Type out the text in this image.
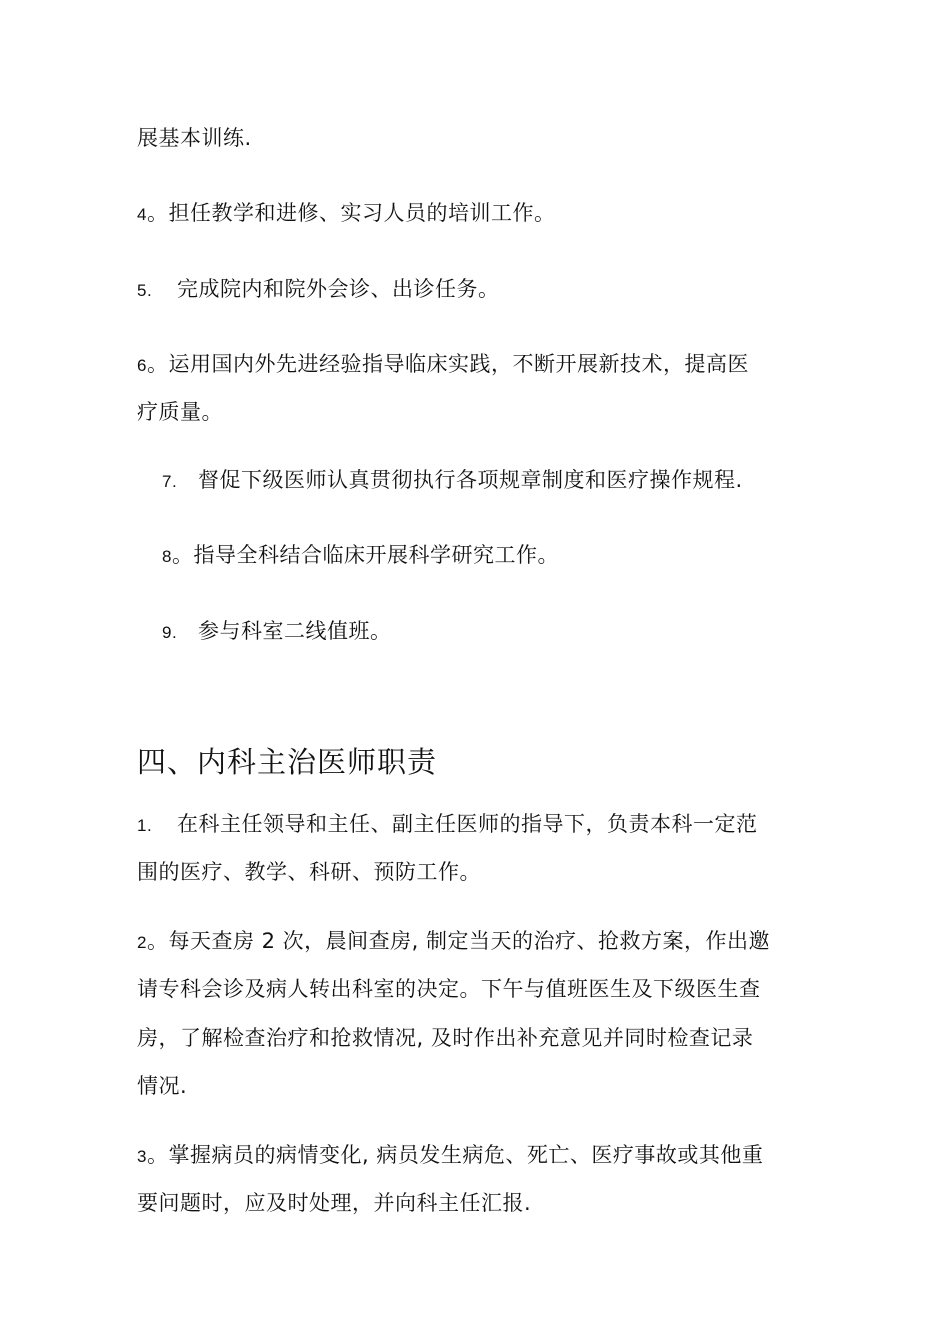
展基本训练.
4。担任教学和进修、实习人员的培训工作。
5. 完成院内和院外会诊、出诊任务。
6。运用国内外先进经验指导临床实践，不断开展新技术，提高医
疗质量。
7. 督促下级医师认真贯彻执行各项规章制度和医疗操作规程.
8。指导全科结合临床开展科学研究工作。
9. 参与科室二线值班。
四、内科主治医师职责
1. 在科主任领导和主任、副主任医师的指导下，负责本科一定范
围的医疗、教学、科研、预防工作。
2。每天查房 2 次，晨间查房, 制定当天的治疗、抢救方案，作出邀
请专科会诊及病人转出科室的决定。下午与值班医生及下级医生查
房，了解检查治疗和抢救情况, 及时作出补充意见并同时检查记录
情况.
3。掌握病员的病情变化, 病员发生病危、死亡、医疗事故或其他重
要问题时，应及时处理，并向科主任汇报.
